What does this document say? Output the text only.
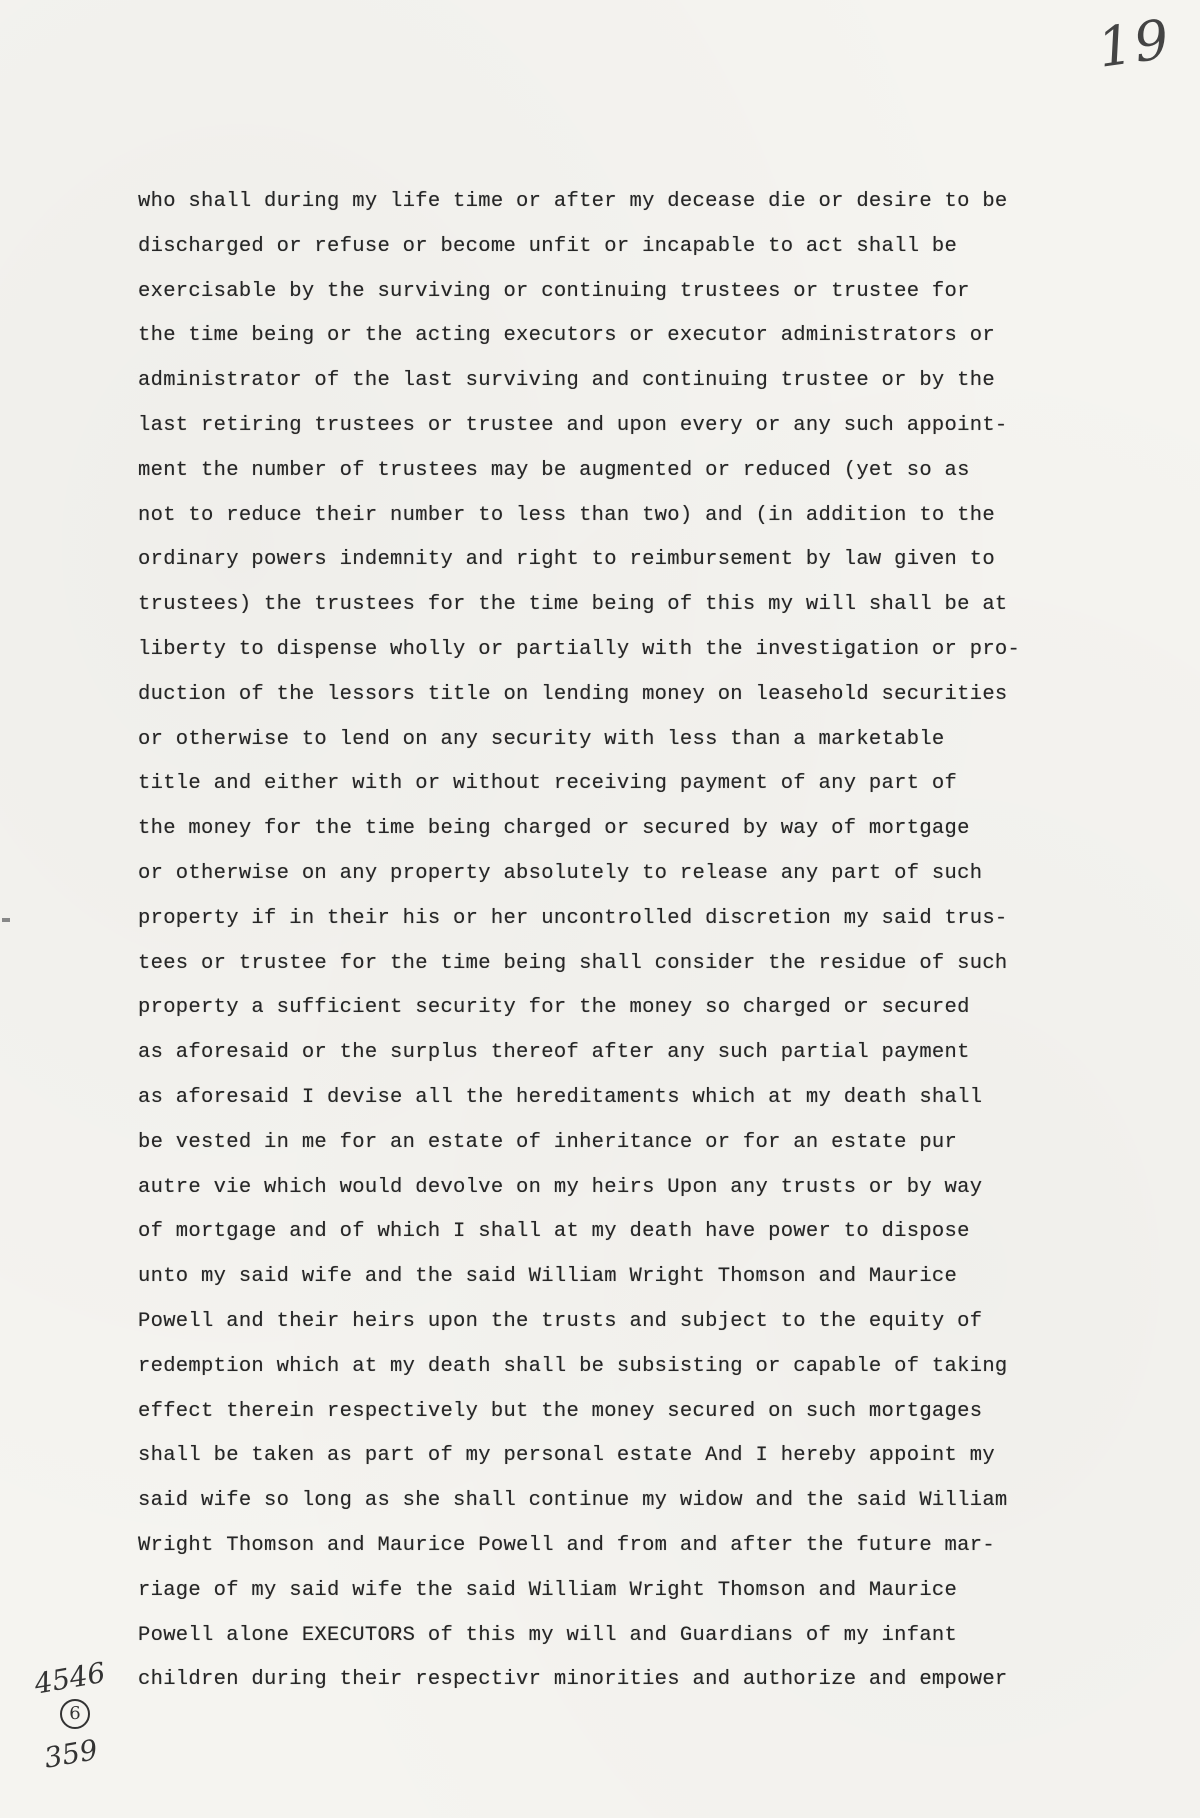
19
who shall during my life time or after my decease die or desire to be
discharged or refuse or become unfit or incapable to act shall be
exercisable by the surviving or continuing trustees or trustee for
the time being or the acting executors or executor administrators or
administrator of the last surviving and continuing trustee or by the
last retiring trustees or trustee and upon every or any such appoint-
ment the number of trustees may be augmented or reduced (yet so as
not to reduce their number to less than two) and (in addition to the
ordinary powers indemnity and right to reimbursement by law given to
trustees) the trustees for the time being of this my will shall be at
liberty to dispense wholly or partially with the investigation or pro-
duction of the lessors title on lending money on leasehold securities
or otherwise to lend on any security with less than a marketable
title and either with or without receiving payment of any part of
the money for the time being charged or secured by way of mortgage
or otherwise on any property absolutely to release any part of such
property if in their his or her uncontrolled discretion my said trus-
tees or trustee for the time being shall consider the residue of such
property a sufficient security for the money so charged or secured
as aforesaid or the surplus thereof after any such partial payment
as aforesaid I devise all the hereditaments which at my death shall
be vested in me for an estate of inheritance or for an estate pur
autre vie which would devolve on my heirs Upon any trusts or by way
of mortgage and of which I shall at my death have power to dispose
unto my said wife and the said William Wright Thomson and Maurice
Powell and their heirs upon the trusts and subject to the equity of
redemption which at my death shall be subsisting or capable of taking
effect therein respectively but the money secured on such mortgages
shall be taken as part of my personal estate And I hereby appoint my
said wife so long as she shall continue my widow and the said William
Wright Thomson and Maurice Powell and from and after the future mar-
riage of my said wife the said William Wright Thomson and Maurice
Powell alone EXECUTORS of this my will and Guardians of my infant
children during their respectivr minorities and authorize and empower
4546
6
359
